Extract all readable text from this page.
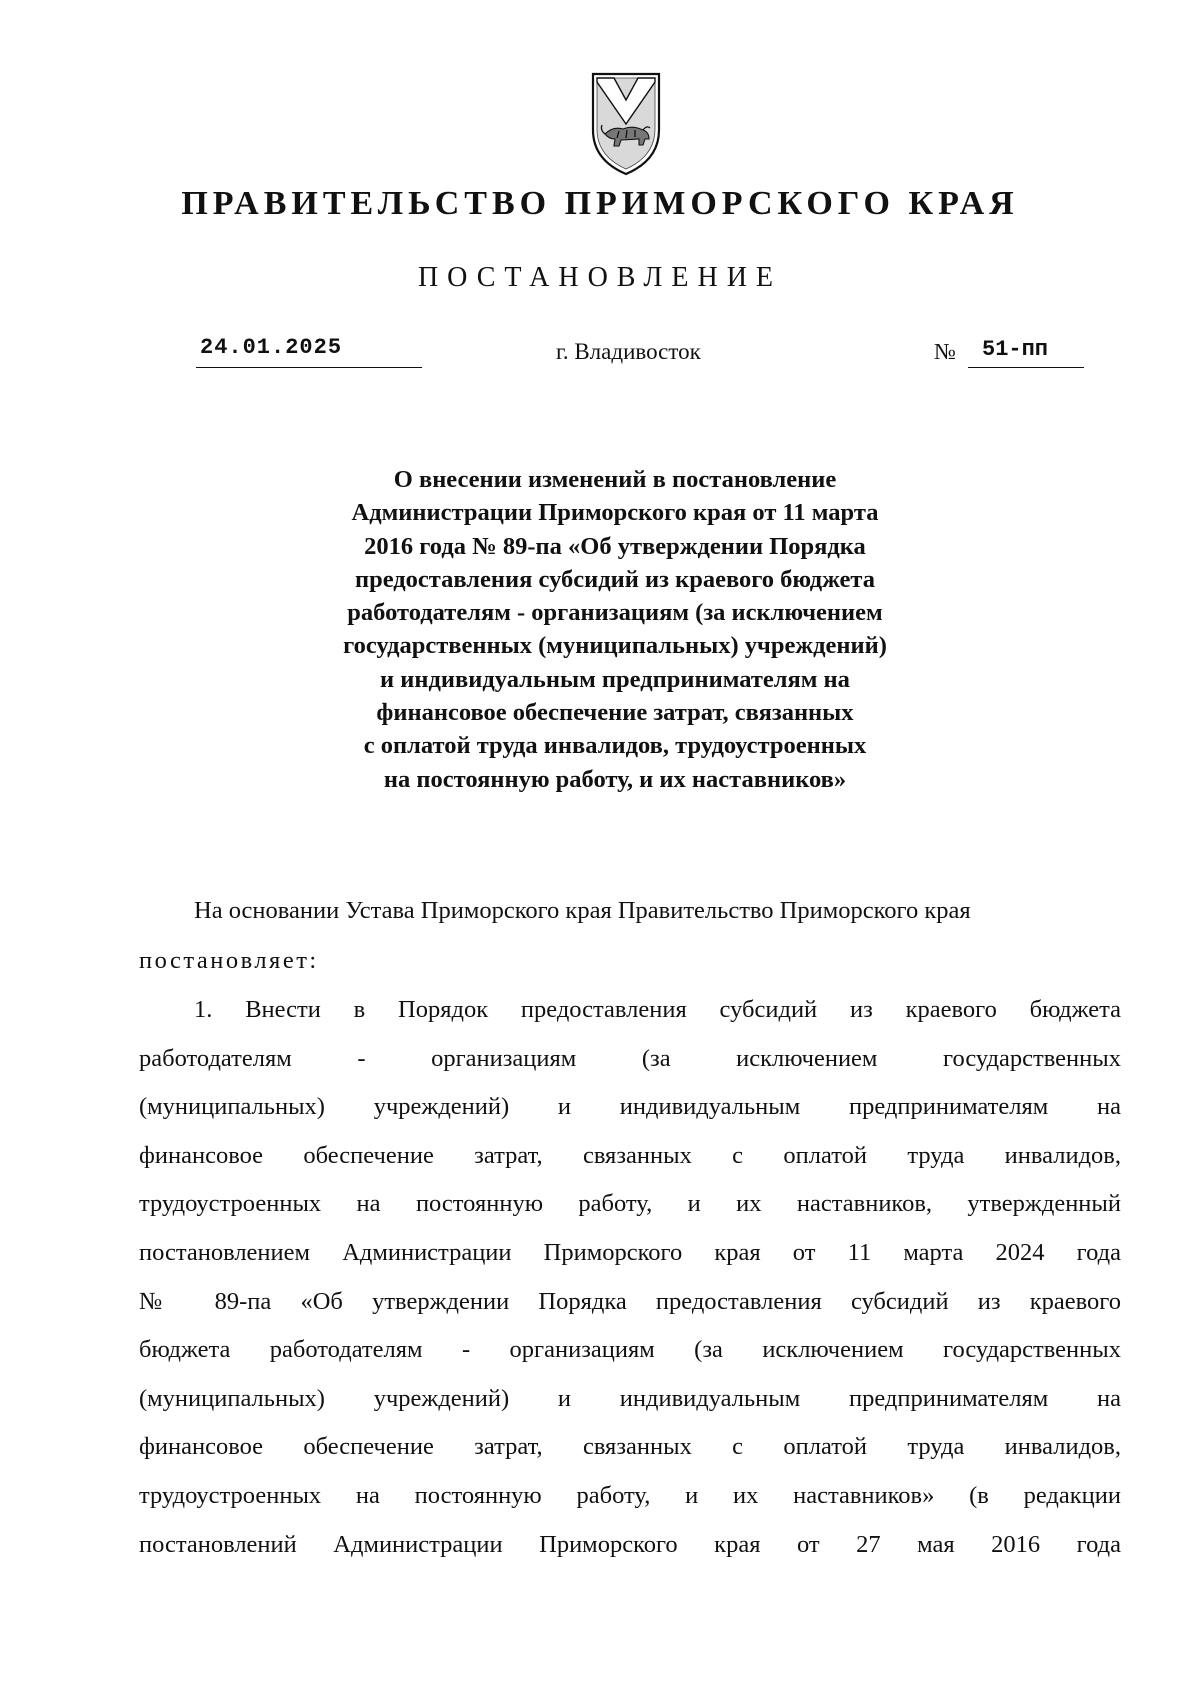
ПРАВИТЕЛЬСТВО ПРИМОРСКОГО КРАЯ
ПОСТАНОВЛЕНИЕ
24.01.2025	г. Владивосток	№ 51-пп
О внесении изменений в постановление
Администрации Приморского края от 11 марта
2016 года № 89-па «Об утверждении Порядка
предоставления субсидий из краевого бюджета
работодателям - организациям (за исключением
государственных (муниципальных) учреждений)
и индивидуальным предпринимателям на
финансовое обеспечение затрат, связанных
с оплатой труда инвалидов, трудоустроенных
на постоянную работу, и их наставников»

На основании Устава Приморского края Правительство Приморского края
постановляет:

1. Внести в Порядок предоставления субсидий из краевого бюджета
работодателям - организациям (за исключением государственных
(муниципальных) учреждений) и индивидуальным предпринимателям на
финансовое обеспечение затрат, связанных с оплатой труда инвалидов,
трудоустроенных на постоянную работу, и их наставников, утвержденный
постановлением Администрации Приморского края от 11 марта 2024 года
№ 89-па «Об утверждении Порядка предоставления субсидий из краевого
бюджета работодателям - организациям (за исключением государственных
(муниципальных) учреждений) и индивидуальным предпринимателям на
финансовое обеспечение затрат, связанных с оплатой труда инвалидов,
трудоустроенных на постоянную работу, и их наставников» (в редакции
постановлений Администрации Приморского края от 27 мая 2016 года
